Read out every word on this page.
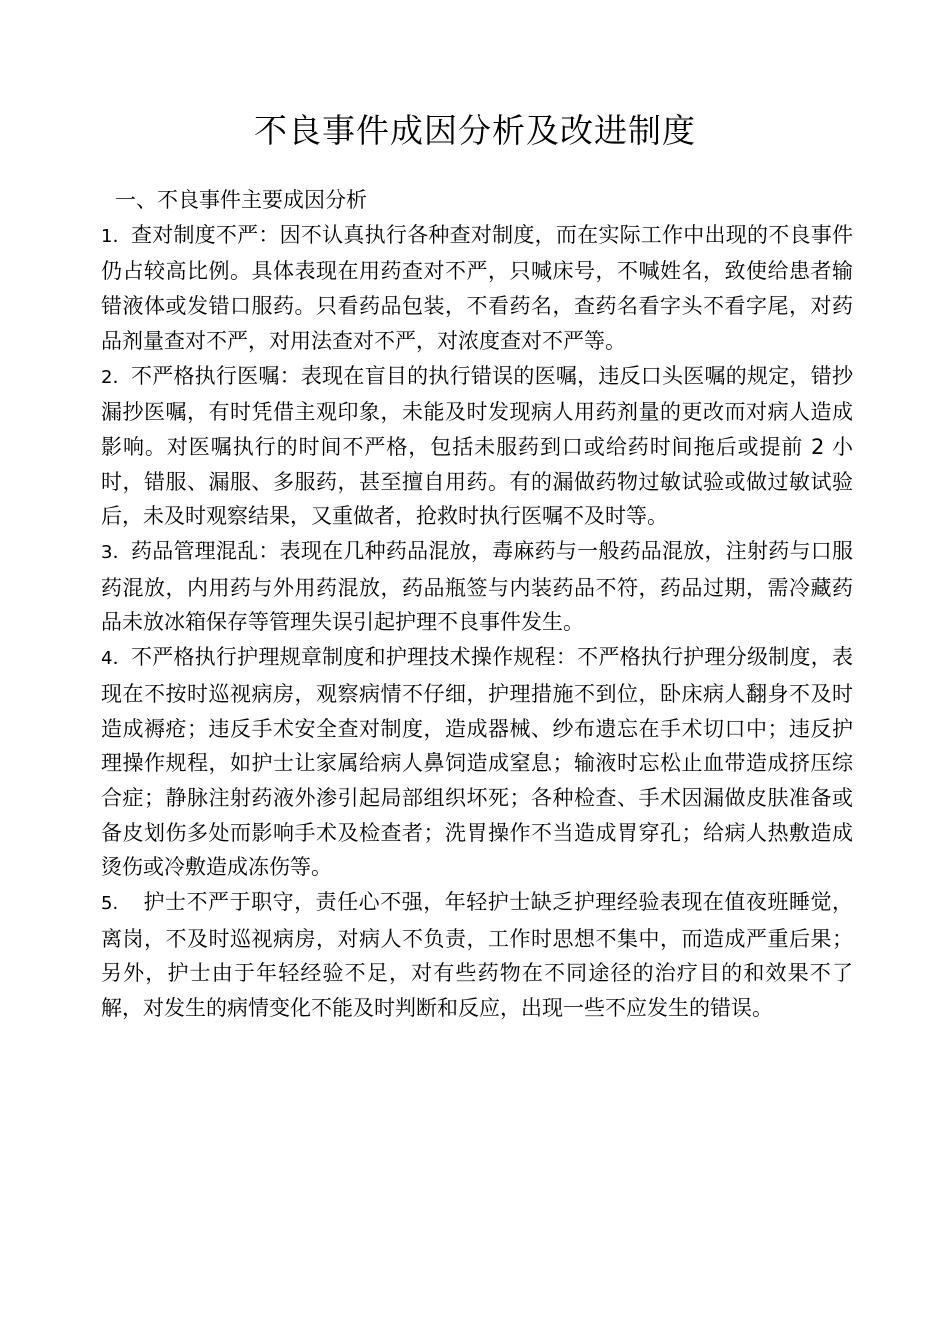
不良事件成因分析及改进制度

一、不良事件主要成因分析

1．查对制度不严：因不认真执行各种查对制度，而在实际工作中出现的不良事件仍占较高比例。具体表现在用药查对不严，只喊床号，不喊姓名，致使给患者输错液体或发错口服药。只看药品包装，不看药名，查药名看字头不看字尾，对药品剂量查对不严，对用法查对不严，对浓度查对不严等。

2．不严格执行医嘱：表现在盲目的执行错误的医嘱，违反口头医嘱的规定，错抄漏抄医嘱，有时凭借主观印象，未能及时发现病人用药剂量的更改而对病人造成影响。对医嘱执行的时间不严格，包括未服药到口或给药时间拖后或提前 2 小时，错服、漏服、多服药，甚至擅自用药。有的漏做药物过敏试验或做过敏试验后，未及时观察结果，又重做者，抢救时执行医嘱不及时等。

3．药品管理混乱：表现在几种药品混放，毒麻药与一般药品混放，注射药与口服药混放，内用药与外用药混放，药品瓶签与内装药品不符，药品过期，需冷藏药品未放冰箱保存等管理失误引起护理不良事件发生。

4．不严格执行护理规章制度和护理技术操作规程：不严格执行护理分级制度，表现在不按时巡视病房，观察病情不仔细，护理措施不到位，卧床病人翻身不及时造成褥疮；违反手术安全查对制度，造成器械、纱布遗忘在手术切口中；违反护理操作规程，如护士让家属给病人鼻饲造成窒息；输液时忘松止血带造成挤压综合症；静脉注射药液外渗引起局部组织坏死；各种检查、手术因漏做皮肤准备或备皮划伤多处而影响手术及检查者；洗胃操作不当造成胃穿孔；给病人热敷造成烫伤或冷敷造成冻伤等。

5. 护士不严于职守，责任心不强，年轻护士缺乏护理经验表现在值夜班睡觉，离岗，不及时巡视病房，对病人不负责，工作时思想不集中，而造成严重后果；另外，护士由于年轻经验不足，对有些药物在不同途径的治疗目的和效果不了解，对发生的病情变化不能及时判断和反应，出现一些不应发生的错误。
